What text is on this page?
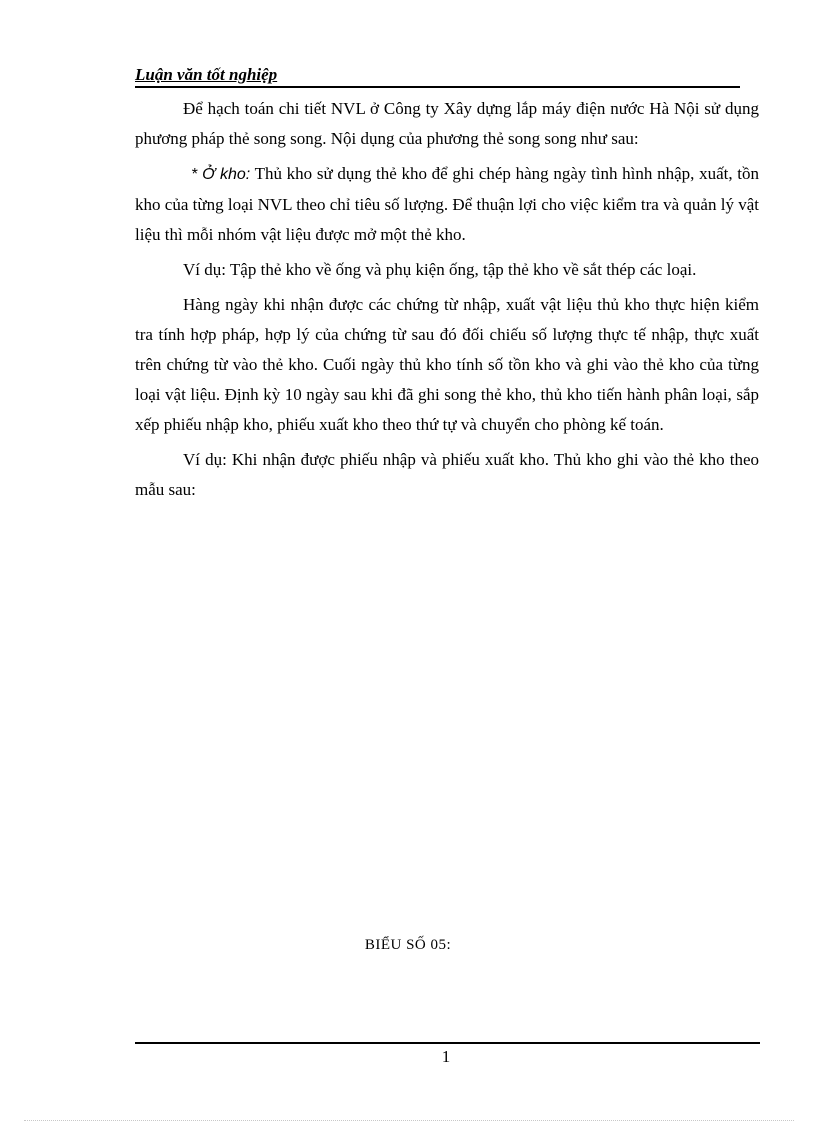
Luận văn tốt nghiệp

Để hạch toán chi tiết NVL ở Công ty Xây dựng lắp máy điện nước Hà Nội sử dụng phương pháp thẻ song song. Nội dụng của phương thẻ song song như sau:

* Ở kho: Thủ kho sử dụng thẻ kho để ghi chép hàng ngày tình hình nhập, xuất, tồn kho của từng loại NVL theo chỉ tiêu số lượng. Để thuận lợi cho việc kiểm tra và quản lý vật liệu thì mỗi nhóm vật liệu được mở một thẻ kho.

Ví dụ: Tập thẻ kho về ống và phụ kiện ống, tập thẻ kho về sắt thép các loại.

Hàng ngày khi nhận được các chứng từ nhập, xuất vật liệu thủ kho thực hiện kiểm tra tính hợp pháp, hợp lý của chứng từ sau đó đối chiếu số lượng thực tế nhập, thực xuất trên chứng từ vào thẻ kho. Cuối ngày thủ kho tính số tồn kho và ghi vào thẻ kho của từng loại vật liệu. Định kỳ 10 ngày sau khi đã ghi song thẻ kho, thủ kho tiến hành phân loại, sắp xếp phiếu nhập kho, phiếu xuất kho theo thứ tự và chuyển cho phòng kế toán.

Ví dụ: Khi nhận được phiếu nhập và phiếu xuất kho. Thủ kho ghi vào thẻ kho theo mẫu sau:

BIỂU SỐ 05:
1
